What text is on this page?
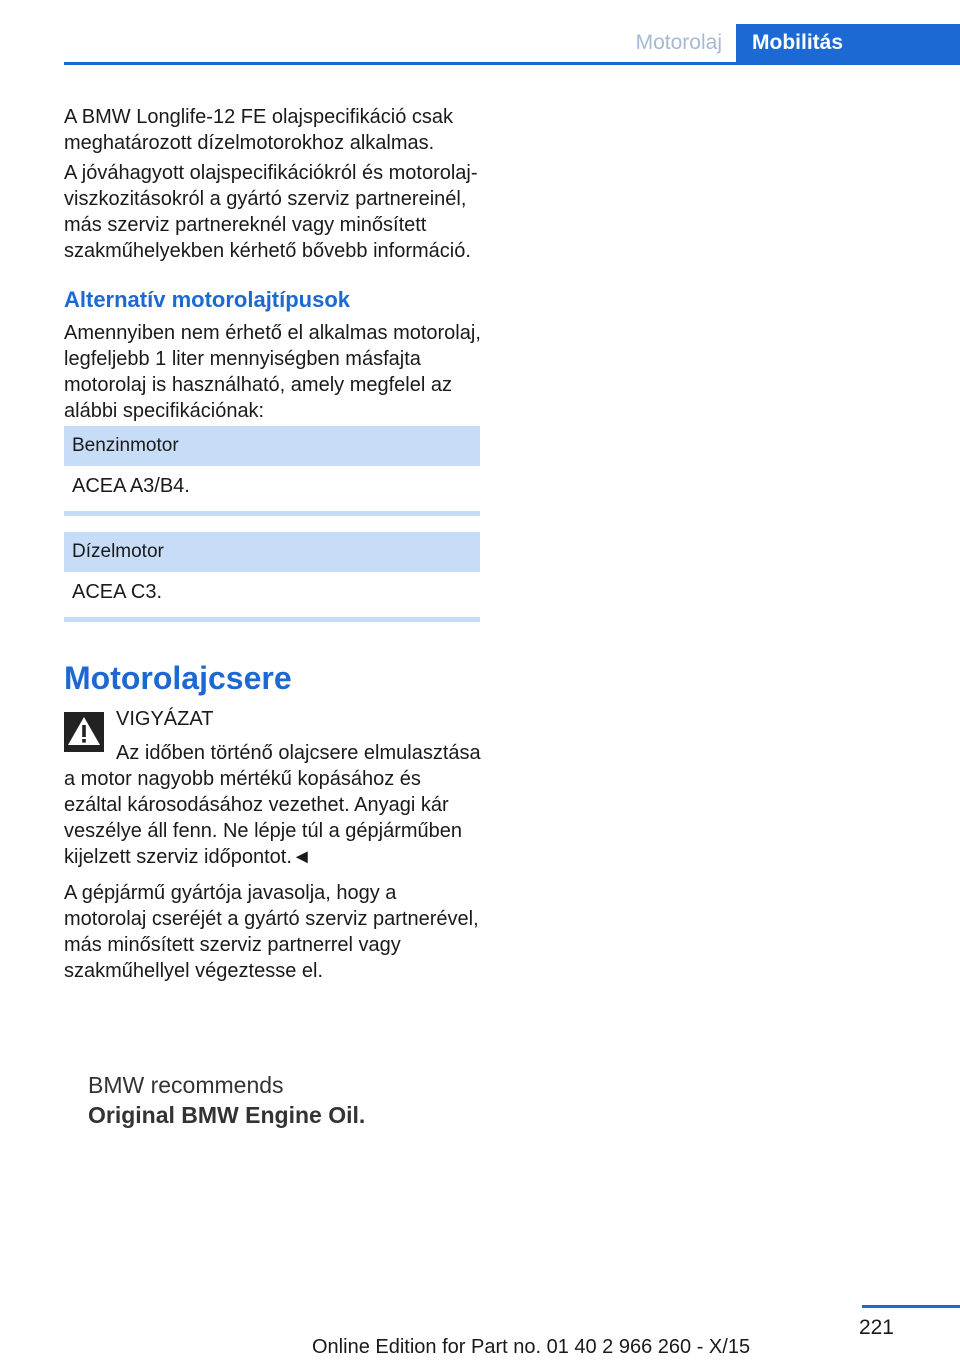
Motorolaj	Mobilitás

A BMW Longlife-12 FE olajspecifikáció csak meghatározott dízelmotorokhoz alkalmas.

A jóváhagyott olajspecifikációkról és motorolaj-viszkozitásokról a gyártó szerviz partnereinél, más szerviz partnereknél vagy minősített szakműhelyekben kérhető bővebb információ.

Alternatív motorolajtípusok

Amennyiben nem érhető el alkalmas motorolaj, legfeljebb 1 liter mennyiségben másfajta motorolaj is használható, amely megfelel az alábbi specifikációnak:

Benzinmotor
ACEA A3/B4.
Dízelmotor
ACEA C3.
Motorolajcsere
VIGYÁZAT
Az időben történő olajcsere elmulasztása
a motor nagyobb mértékű kopásához és ezáltal károsodásához vezethet. Anyagi kár veszélye áll fenn. Ne lépje túl a gépjárműben kijelzett szerviz időpontot.◄

A gépjármű gyártója javasolja, hogy a motorolaj cseréjét a gyártó szerviz partnerével, más minősített szerviz partnerrel vagy szakműhellyel végeztesse el.

BMW recommends
Original BMW Engine Oil.
221
Online Edition for Part no. 01 40 2 966 260 - X/15
